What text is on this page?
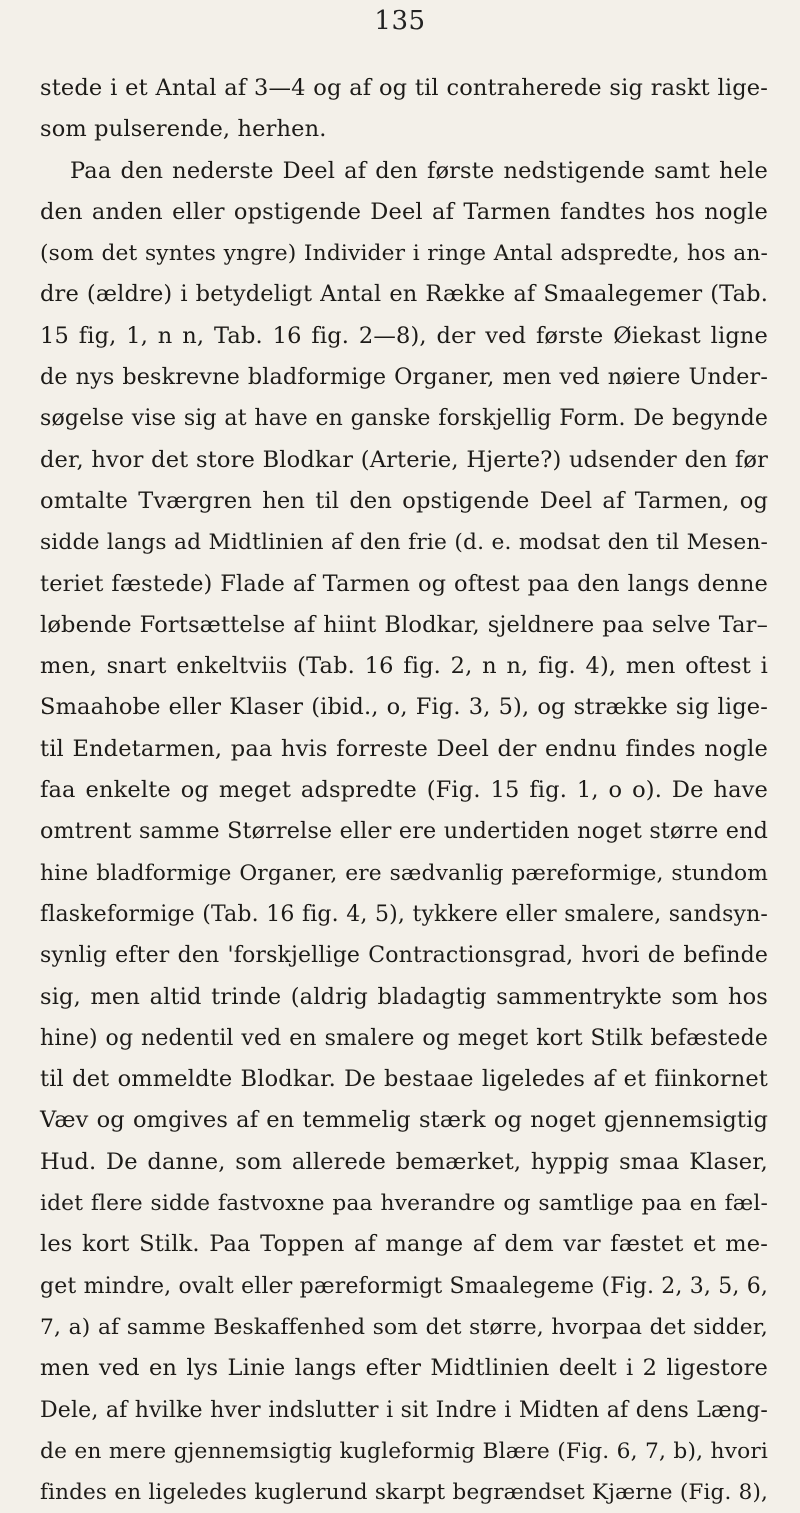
135
stede i et Antal af 3—4 og af og til contraherede sig raskt lige-
som pulserende, herhen.
Paa den nederste Deel af den første nedstigende samt hele
den anden eller opstigende Deel af Tarmen fandtes hos nogle
(som det syntes yngre) Individer i ringe Antal adspredte, hos an-
dre (ældre) i betydeligt Antal en Række af Smaalegemer (Tab.
15 fig, 1, n n, Tab. 16 fig. 2—8), der ved første Øiekast ligne
de nys beskrevne bladformige Organer, men ved nøiere Under-
søgelse vise sig at have en ganske forskjellig Form. De begynde
der, hvor det store Blodkar (Arterie, Hjerte?) udsender den før
omtalte Tværgren hen til den opstigende Deel af Tarmen, og
sidde langs ad Midtlinien af den frie (d. e. modsat den til Mesen-
teriet fæstede) Flade af Tarmen og oftest paa den langs denne
løbende Fortsættelse af hiint Blodkar, sjeldnere paa selve Tar–
men, snart enkeltviis (Tab. 16 fig. 2, n n, fig. 4), men oftest i
Smaahobe eller Klaser (ibid., o, Fig. 3, 5), og strække sig lige-
til Endetarmen, paa hvis forreste Deel der endnu findes nogle
faa enkelte og meget adspredte (Fig. 15 fig. 1, o o). De have
omtrent samme Størrelse eller ere undertiden noget større end
hine bladformige Organer, ere sædvanlig pæreformige, stundom
flaskeformige (Tab. 16 fig. 4, 5), tykkere eller smalere, sandsyn-
synlig efter den 'forskjellige Contractionsgrad, hvori de befinde
sig, men altid trinde (aldrig bladagtig sammentrykte som hos
hine) og nedentil ved en smalere og meget kort Stilk befæstede
til det ommeldte Blodkar. De bestaae ligeledes af et fiinkornet
Væv og omgives af en temmelig stærk og noget gjennemsigtig
Hud. De danne, som allerede bemærket, hyppig smaa Klaser,
idet flere sidde fastvoxne paa hverandre og samtlige paa en fæl-
les kort Stilk. Paa Toppen af mange af dem var fæstet et me-
get mindre, ovalt eller pæreformigt Smaalegeme (Fig. 2, 3, 5, 6,
7, a) af samme Beskaffenhed som det større, hvorpaa det sidder,
men ved en lys Linie langs efter Midtlinien deelt i 2 ligestore
Dele, af hvilke hver indslutter i sit Indre i Midten af dens Læng-
de en mere gjennemsigtig kugleformig Blære (Fig. 6, 7, b), hvori
findes en ligeledes kuglerund skarpt begrændset Kjærne (Fig. 8),
